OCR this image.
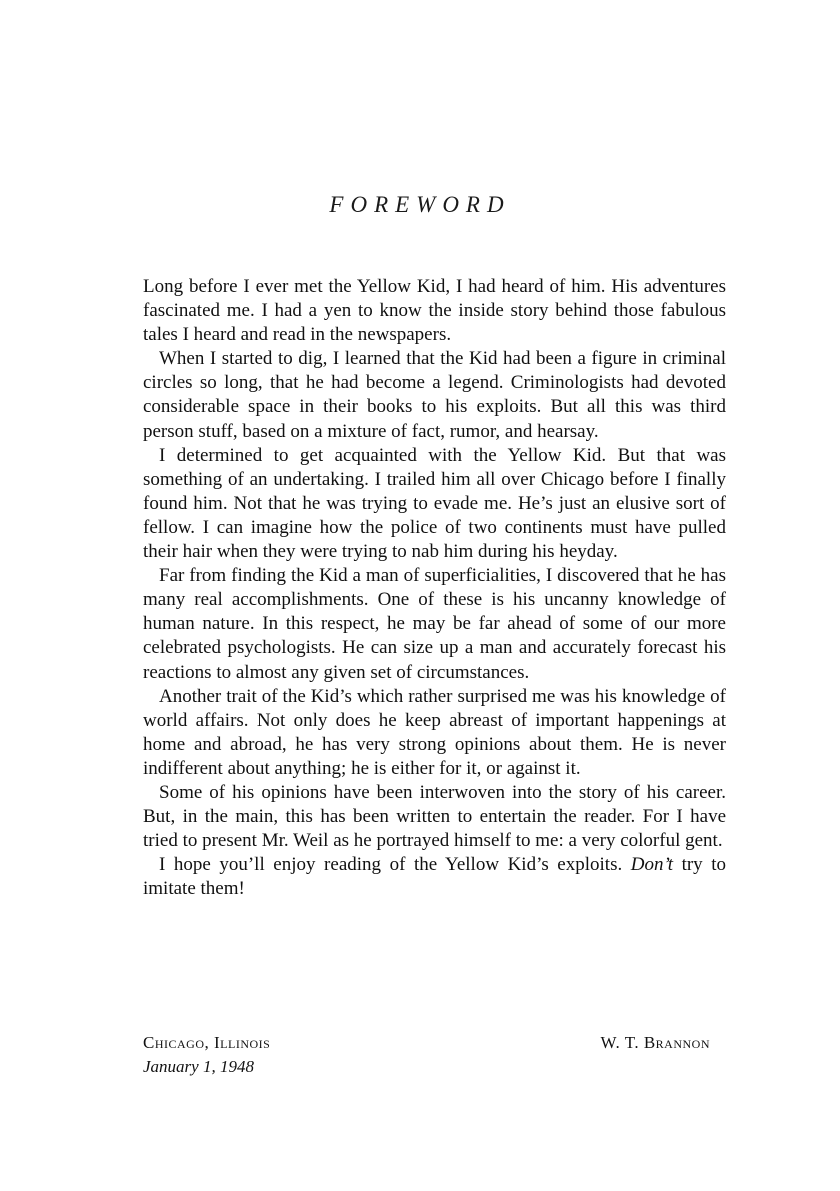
FOREWORD

Long before I ever met the Yellow Kid, I had heard of him. His adventures fascinated me. I had a yen to know the inside story behind those fabulous tales I heard and read in the newspapers.

When I started to dig, I learned that the Kid had been a figure in criminal circles so long, that he had become a legend. Criminologists had devoted considerable space in their books to his exploits. But all this was third person stuff, based on a mixture of fact, rumor, and hearsay.

I determined to get acquainted with the Yellow Kid. But that was something of an undertaking. I trailed him all over Chicago before I finally found him. Not that he was trying to evade me. He’s just an elusive sort of fellow. I can imagine how the police of two continents must have pulled their hair when they were trying to nab him during his heyday.

Far from finding the Kid a man of superficialities, I discovered that he has many real accomplishments. One of these is his uncanny knowledge of human nature. In this respect, he may be far ahead of some of our more celebrated psychologists. He can size up a man and accurately forecast his reactions to almost any given set of circumstances.

Another trait of the Kid’s which rather surprised me was his knowledge of world affairs. Not only does he keep abreast of important happenings at home and abroad, he has very strong opinions about them. He is never indifferent about anything; he is either for it, or against it.

Some of his opinions have been interwoven into the story of his career. But, in the main, this has been written to entertain the reader. For I have tried to present Mr. Weil as he portrayed himself to me: a very colorful gent.

I hope you’ll enjoy reading of the Yellow Kid’s exploits. Don’t try to imitate them!

Chicago, Illinois
January 1, 1948
W. T. Brannon
